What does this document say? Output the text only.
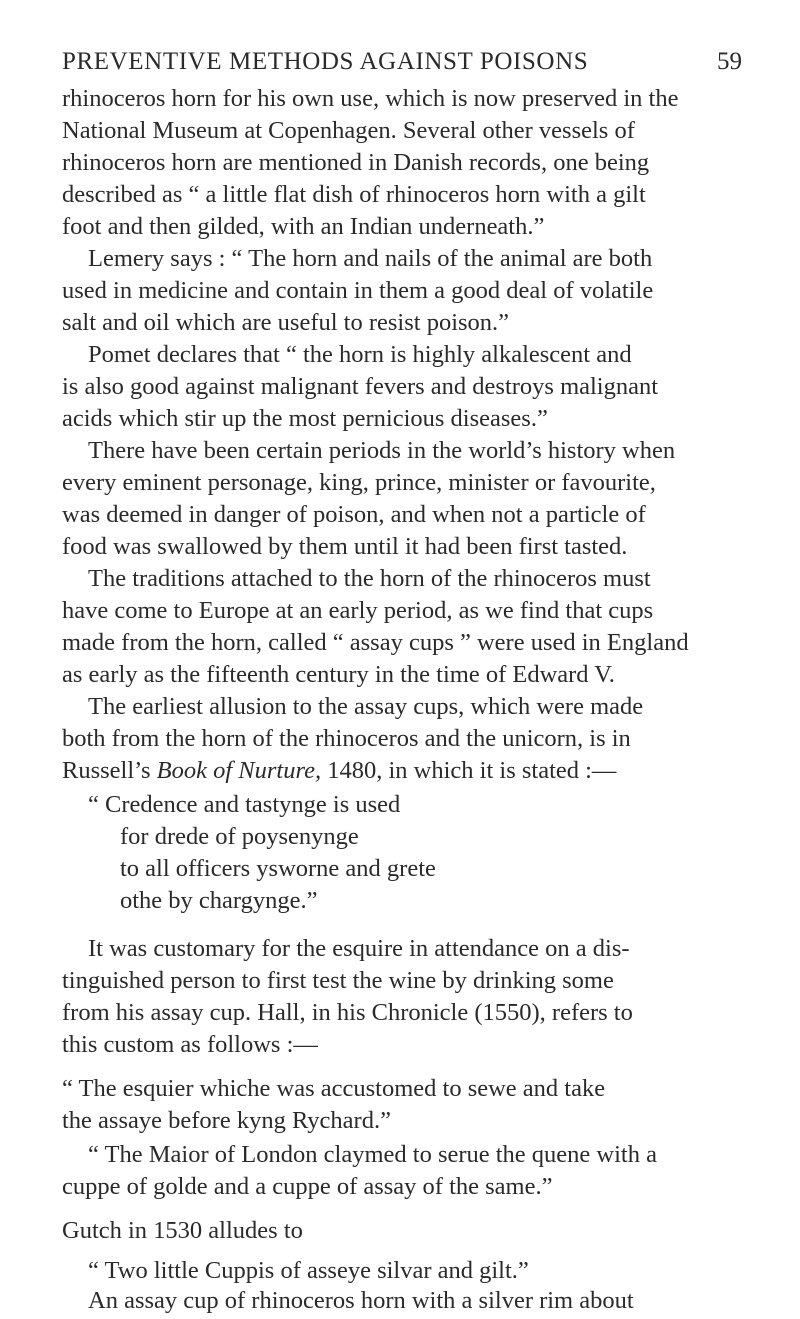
PREVENTIVE METHODS AGAINST POISONS	59
rhinoceros horn for his own use, which is now preserved in the
National Museum at Copenhagen. Several other vessels of
rhinoceros horn are mentioned in Danish records, one being
described as “ a little flat dish of rhinoceros horn with a gilt
foot and then gilded, with an Indian underneath.”
Lemery says : “ The horn and nails of the animal are both
used in medicine and contain in them a good deal of volatile
salt and oil which are useful to resist poison.”
Pomet declares that “ the horn is highly alkalescent and
is also good against malignant fevers and destroys malignant
acids which stir up the most pernicious diseases.”
There have been certain periods in the world’s history when
every eminent personage, king, prince, minister or favourite,
was deemed in danger of poison, and when not a particle of
food was swallowed by them until it had been first tasted.
The traditions attached to the horn of the rhinoceros must
have come to Europe at an early period, as we find that cups
made from the horn, called “ assay cups ” were used in England
as early as the fifteenth century in the time of Edward V.
The earliest allusion to the assay cups, which were made
both from the horn of the rhinoceros and the unicorn, is in
Russell’s Book of Nurture, 1480, in which it is stated :—
“ Credence and tastynge is used
for drede of poysenynge
to all officers ysworne and grete
othe by chargynge.”
It was customary for the esquire in attendance on a dis-
tinguished person to first test the wine by drinking some
from his assay cup. Hall, in his Chronicle (1550), refers to
this custom as follows :—
“ The esquier whiche was accustomed to sewe and take
the assaye before kyng Rychard.”
“ The Maior of London claymed to serue the quene with a
cuppe of golde and a cuppe of assay of the same.”
Gutch in 1530 alludes to
“ Two little Cuppis of asseye silvar and gilt.”
An assay cup of rhinoceros horn with a silver rim about
